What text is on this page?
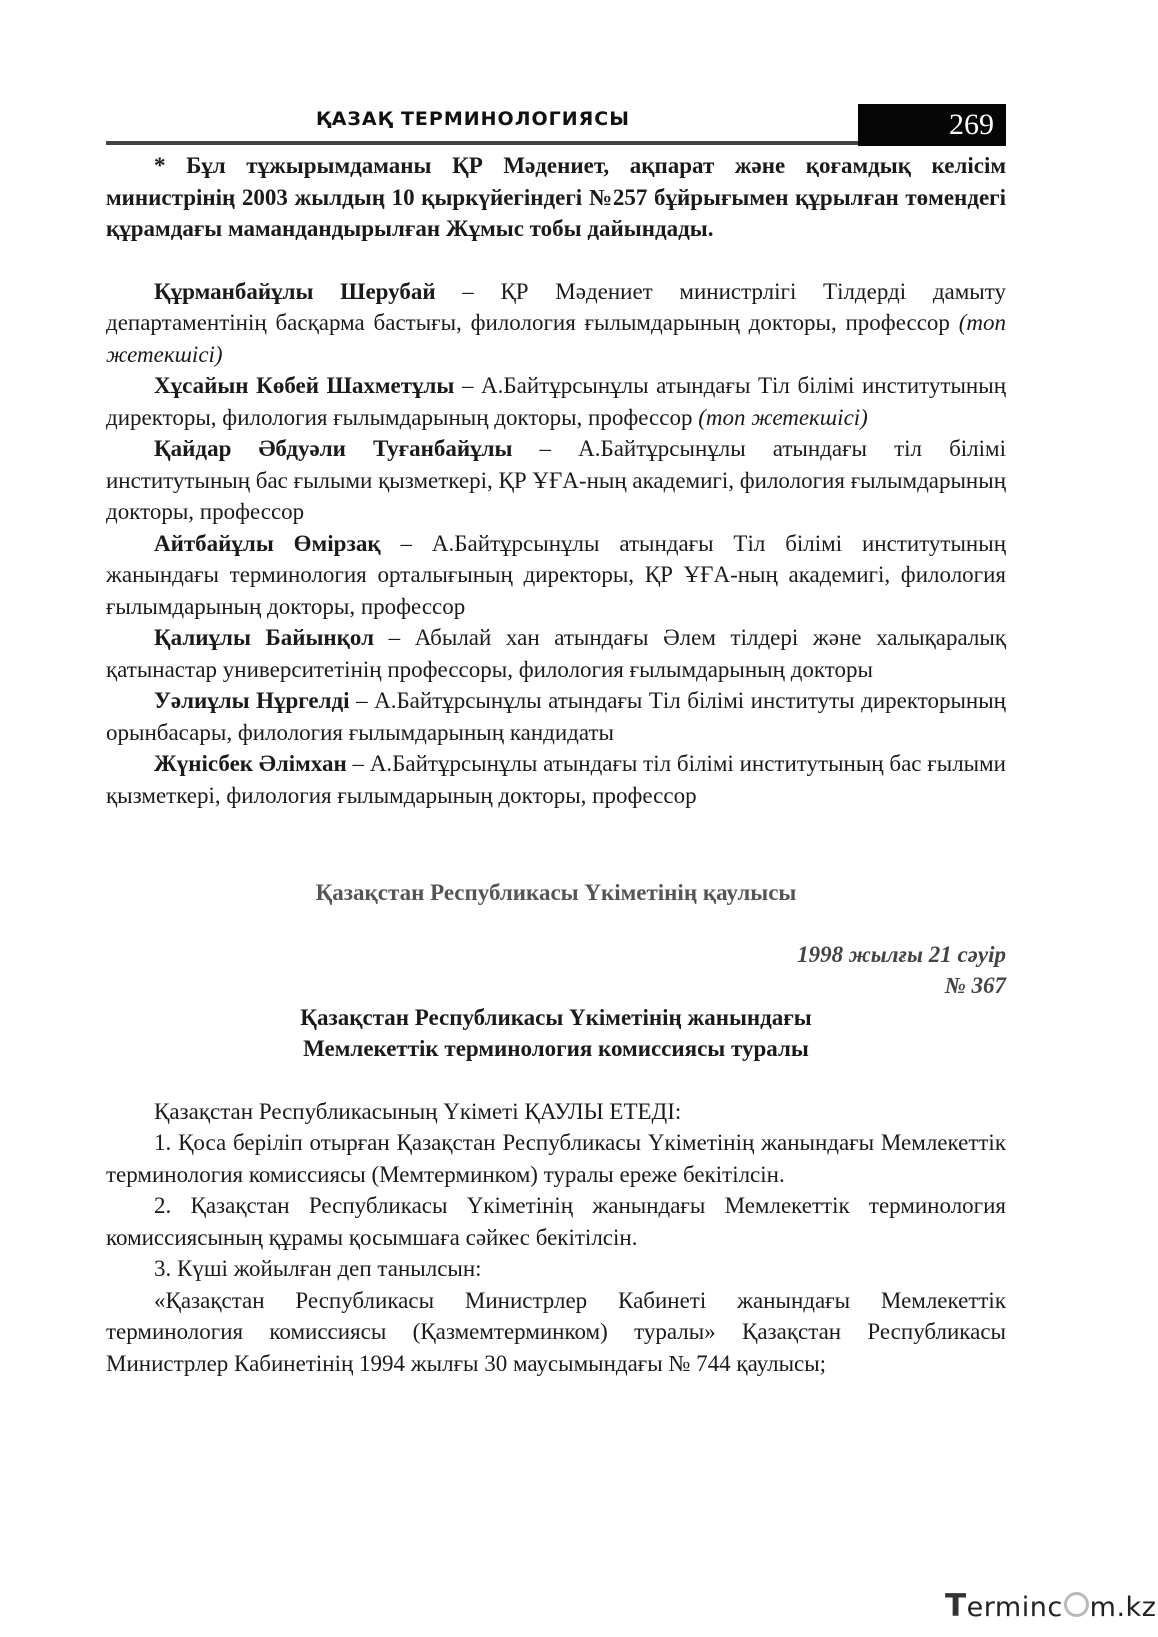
ҚАЗАҚ ТЕРМИНОЛОГИЯСЫ	269

* Бұл тұжырымдаманы ҚР Мәдениет, ақпарат және қоғамдық келісім министрінің 2003 жылдың 10 қыркүйегіндегі №257 бұйрығымен құрылған төмендегі құрамдағы мамандандырылған Жұмыс тобы дайындады.

Құрманбайұлы Шерубай – ҚР Мәдениет министрлігі Тілдерді дамыту департаментінің басқарма бастығы, филология ғылымдарының докторы, профессор (топ жетекшісі)

Хұсайын Көбей Шахметұлы – А.Байтұрсынұлы атындағы Тіл білімі институтының директоры, филология ғылымдарының докторы, профессор (топ жетекшісі)

Қайдар Әбдуәли Туғанбайұлы – А.Байтұрсынұлы атындағы тіл білімі институтының бас ғылыми қызметкері, ҚР ҰҒА-ның академигі, филология ғылымдарының докторы, профессор

Айтбайұлы Өмірзақ – А.Байтұрсынұлы атындағы Тіл білімі институтының жанындағы терминология орталығының директоры, ҚР ҰҒА-ның академигі, филология ғылымдарының докторы, профессор

Қалиұлы Байынқол – Абылай хан атындағы Әлем тілдері және халықаралық қатынастар университетінің профессоры, филология ғылымдарының докторы

Уәлиұлы Нұргелді – А.Байтұрсынұлы атындағы Тіл білімі институты директорының орынбасары, филология ғылымдарының кандидаты

Жүнісбек Әлімхан – А.Байтұрсынұлы атындағы тіл білімі институтының бас ғылыми қызметкері, филология ғылымдарының докторы, профессор

Қазақстан Республикасы Үкіметінің қаулысы

1998 жылғы 21 сәуір

№ 367

Қазақстан Республикасы Үкіметінің жанындағы

Мемлекеттік терминология комиссиясы туралы

Қазақстан Республикасының Үкіметі ҚАУЛЫ ЕТЕДІ:

1. Қоса беріліп отырған Қазақстан Республикасы Үкіметінің жанындағы Мемлекеттік терминология комиссиясы (Мемтерминком) туралы ереже бекітілсін.

2. Қазақстан Республикасы Үкіметінің жанындағы Мемлекеттік терминология комиссиясының құрамы қосымшаға сәйкес бекітілсін.

3. Күші жойылған деп танылсын:

«Қазақстан Республикасы Министрлер Кабинеті жанындағы Мемлекеттік терминология комиссиясы (Қазмемтерминком) туралы» Қазақстан Республикасы Министрлер Кабинетінің 1994 жылғы 30 маусымындағы № 744 қаулысы;

Terminc m.kz
